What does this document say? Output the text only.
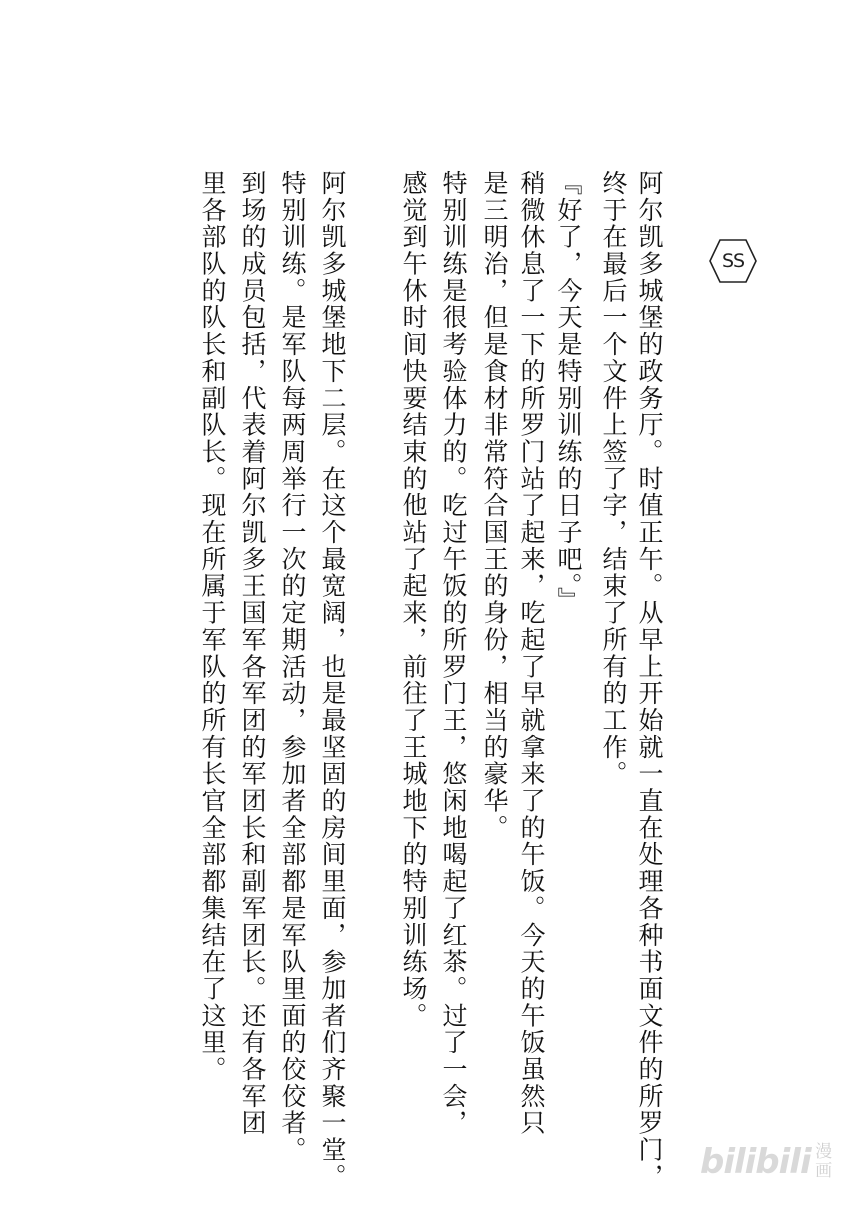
SS
阿尔凯多城堡的政务厅。时值正午。从早上开始就一直在处理各种书面文件的所罗门，
终于在最后一个文件上签了字，结束了所有的工作。
『好了，今天是特别训练的日子吧。』
稍微休息了一下的所罗门站了起来，吃起了早就拿来了的午饭。今天的午饭虽然只
是三明治，但是食材非常符合国王的身份，相当的豪华。
特别训练是很考验体力的。吃过午饭的所罗门王，悠闲地喝起了红茶。过了一会，
感觉到午休时间快要结束的他站了起来，前往了王城地下的特别训练场。
阿尔凯多城堡地下二层。在这个最宽阔，也是最坚固的房间里面，参加者们齐聚一堂。
特别训练。是军队每两周举行一次的定期活动，参加者全部都是军队里面的佼佼者。
到场的成员包括，代表着阿尔凯多王国军各军团的军团长和副军团长。还有各军团
里各部队的队长和副队长。现在所属于军队的所有长官全部都集结在了这里。
bilibili 漫
画
